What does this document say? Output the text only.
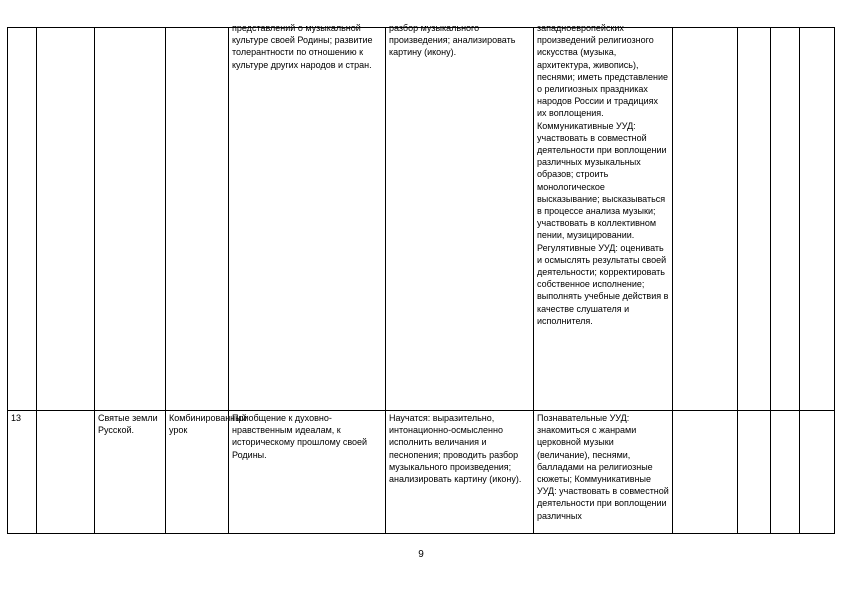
				представлений о музыкальной культуре своей Родины; развитие толерантности по отношению к культуре других народов и стран.	разбор музыкального произведения; анализировать картину (икону).	западноевропейских произведений религиозного искусства (музыка, архитектура, живопись), песнями; иметь представление о религиозных праздниках народов России и традициях их воплощения. Коммуникативные УУД: участвовать в совместной деятельности при воплощении различных музыкальных образов; строить монологическое высказывание; высказываться в процессе анализа музыки; участвовать в коллективном пении, музицировании. Регулятивные УУД: оценивать и осмыслять результаты своей деятельности; корректировать собственное исполнение; выполнять учебные действия в качестве слушателя и исполнителя.				

13		Святые земли Русской.	Комбинированный урок	Приобщение к духовно-нравственным идеалам, к историческому прошлому своей Родины.	Научатся: выразительно, интонационно-осмысленно исполнить величания и песнопения; проводить разбор музыкального произведения; анализировать картину (икону).	Познавательные УУД: знакомиться с жанрами церковной музыки (величание), песнями, балладами на религиозные сюжеты; Коммуникативные УУД: участвовать в совместной деятельности при воплощении различных				

9
